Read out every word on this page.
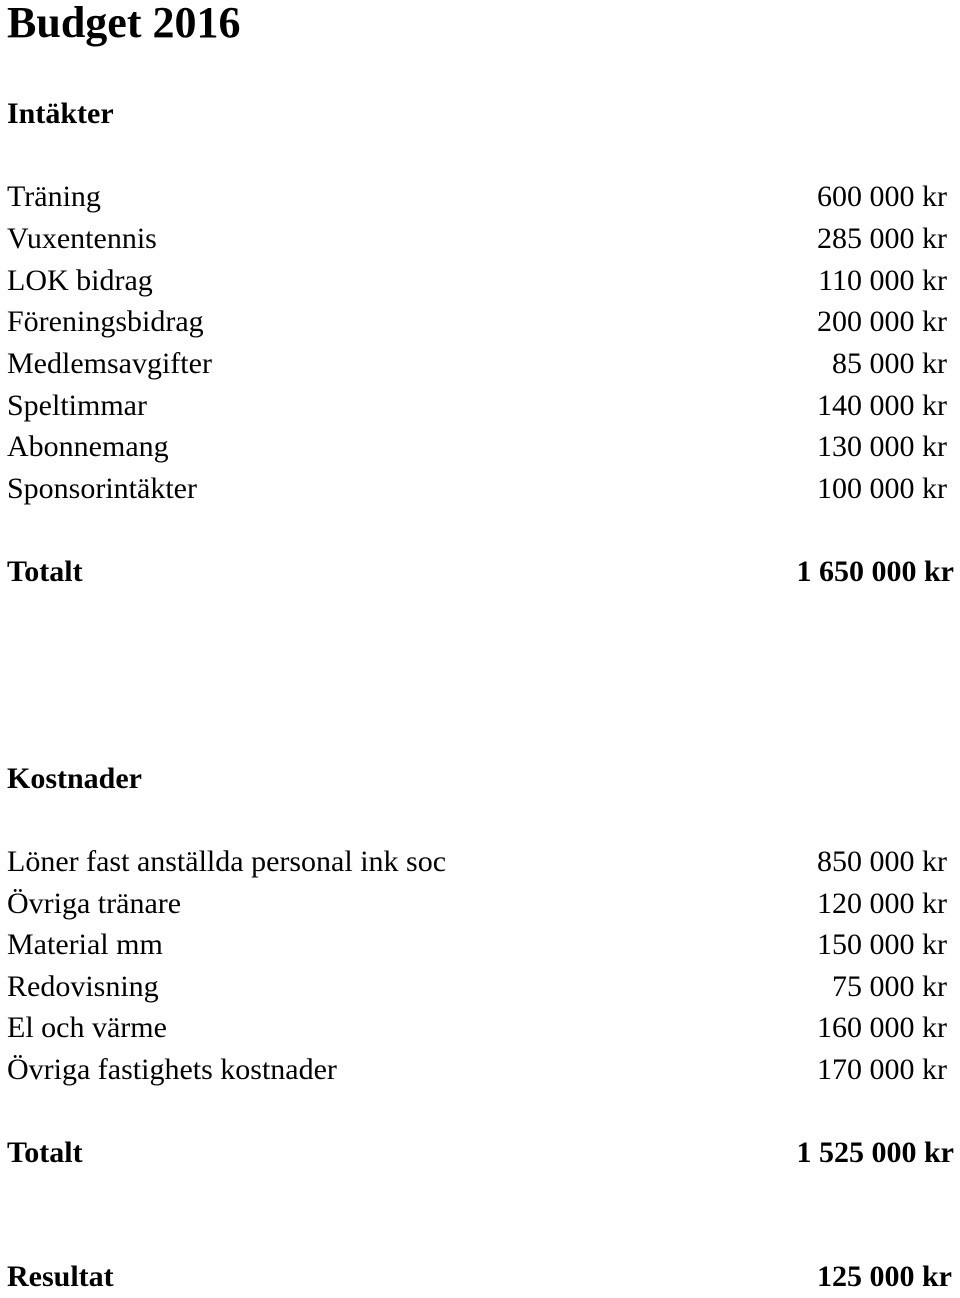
Budget 2016
Intäkter
Träning	600 000 kr
Vuxentennis	285 000 kr
LOK bidrag	110 000 kr
Föreningsbidrag	200 000 kr
Medlemsavgifter	85 000 kr
Speltimmar	140 000 kr
Abonnemang	130 000 kr
Sponsorintäkter	100 000 kr
Totalt	1 650 000 kr
Kostnader
Löner fast anställda personal ink soc	850 000 kr
Övriga tränare	120 000 kr
Material mm	150 000 kr
Redovisning	75 000 kr
El och värme	160 000 kr
Övriga fastighets kostnader	170 000 kr
Totalt	1 525 000 kr
Resultat	125 000 kr
